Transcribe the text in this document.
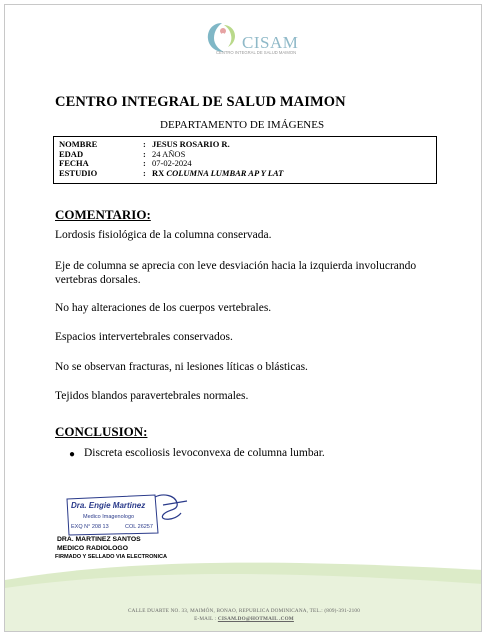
CISAM
CENTRO INTEGRAL DE SALUD MAIMON
CENTRO INTEGRAL DE SALUD MAIMON
DEPARTAMENTO DE IMÁGENES
NOMBRE	: JESUS ROSARIO R.
EDAD	: 24 AÑOS
FECHA	: 07-02-2024
ESTUDIO	: RX COLUMNA LUMBAR AP Y LAT
COMENTARIO:
Lordosis fisiológica de la columna conservada.
Eje de columna se aprecia con leve desviación hacia la izquierda involucrando vertebras dorsales.
No hay alteraciones de los cuerpos vertebrales.
Espacios intervertebrales conservados.
No se observan fracturas, ni lesiones líticas o blásticas.
Tejidos blandos paravertebrales normales.
CONCLUSION:
● Discreta escoliosis levoconvexa de columna lumbar.
Dra. Engie Martinez
Medico Imagenologo
EXQ N° 208 13	COL 26257
DRA. MARTINEZ SANTOS
MEDICO RADIOLOGO
FIRMADO Y SELLADO VIA ELECTRONICA
CALLE DUARTE NO. 33, MAIMÓN, BONAO, REPUBLICA DOMINICANA, TEL.: (809)-391-2100
E-MAIL : CISAM.DO@HOTMAIL .COM
